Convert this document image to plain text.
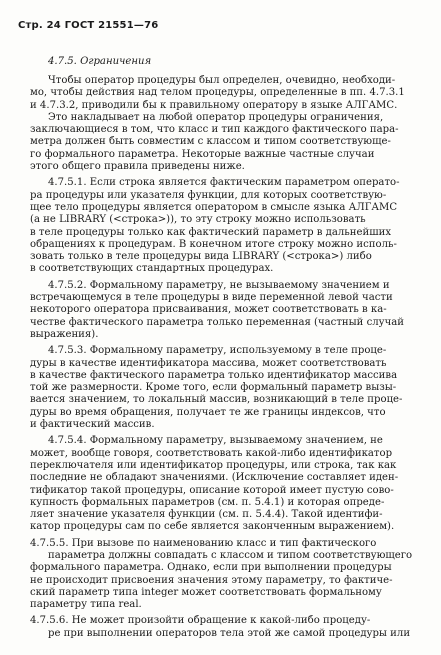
Стр. 24 ГОСТ 21551—76
4.7.5. Ограничения
Чтобы оператор процедуры был определен, очевидно, необходи-
мо, чтобы действия над телом процедуры, определенные в пп. 4.7.3.1
и 4.7.3.2, приводили бы к правильному оператору в языке АЛГАМС.
Это накладывает на любой оператор процедуры ограничения,
заключающиеся в том, что класс и тип каждого фактического пара-
метра должен быть совместим с классом и типом соответствующе-
го формального параметра. Некоторые важные частные случаи
этого общего правила приведены ниже.
4.7.5.1. Если строка является фактическим параметром операто-
ра процедуры или указателя функции, для которых соответствую-
щее тело процедуры является оператором в смысле языка АЛГАМС
(а не LIBRARY (<строка>)), то эту строку можно использовать
в теле процедуры только как фактический параметр в дальнейших
обращениях к процедурам. В конечном итоге строку можно исполь-
зовать только в теле процедуры вида LIBRARY (<строка>) либо
в соответствующих стандартных процедурах.
4.7.5.2. Формальному параметру, не вызываемому значением и
встречающемуся в теле процедуры в виде переменной левой части
некоторого оператора присваивания, может соответствовать в ка-
честве фактического параметра только переменная (частный случай
выражения).
4.7.5.3. Формальному параметру, используемому в теле проце-
дуры в качестве идентификатора массива, может соответствовать
в качестве фактического параметра только идентификатор массива
той же размерности. Кроме того, если формальный параметр вызы-
вается значением, то локальный массив, возникающий в теле проце-
дуры во время обращения, получает те же границы индексов, что
и фактический массив.
4.7.5.4. Формальному параметру, вызываемому значением, не
может, вообще говоря, соответствовать какой-либо идентификатор
переключателя или идентификатор процедуры, или строка, так как
последние не обладают значениями. (Исключение составляет иден-
тификатор такой процедуры, описание которой имеет пустую сово-
купность формальных параметров (см. п. 5.4.1) и которая опреде-
ляет значение указателя функции (см. п. 5.4.4). Такой идентифи-
катор процедуры сам по себе является законченным выражением).
4.7.5.5. При вызове по наименованию класс и тип фактического
параметра должны совпадать с классом и типом соответствующего
формального параметра. Однако, если при выполнении процедуры
не происходит присвоения значения этому параметру, то фактиче-
ский параметр типа integer может соответствовать формальному
параметру типа real.
4.7.5.6. Не может произойти обращение к какой-либо процеду-
ре при выполнении операторов тела этой же самой процедуры или
